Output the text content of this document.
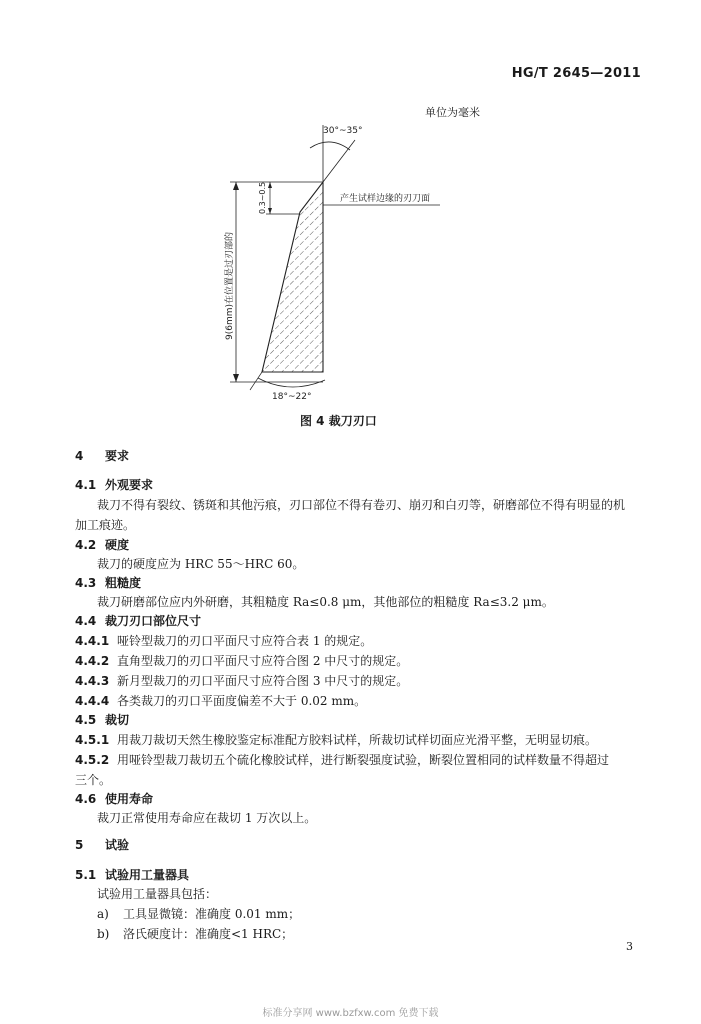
HG/T 2645—2011
单位为毫米
30°~35°
18°~22°
0.3~0.5
9(6mm)在位置是过刃部的
产生试样边缘的刃刀面
图 4 裁刀刃口
4 要求
4.1 外观要求
裁刀不得有裂纹、锈斑和其他污痕，刃口部位不得有卷刃、崩刃和白刃等，研磨部位不得有明显的机
加工痕迹。
4.2 硬度
裁刀的硬度应为 HRC 55～HRC 60。
4.3 粗糙度
裁刀研磨部位应内外研磨，其粗糙度 Ra≤0.8 μm，其他部位的粗糙度 Ra≤3.2 μm。
4.4 裁刀刃口部位尺寸
4.4.1 哑铃型裁刀的刃口平面尺寸应符合表 1 的规定。
4.4.2 直角型裁刀的刃口平面尺寸应符合图 2 中尺寸的规定。
4.4.3 新月型裁刀的刃口平面尺寸应符合图 3 中尺寸的规定。
4.4.4 各类裁刀的刃口平面度偏差不大于 0.02 mm。
4.5 裁切
4.5.1 用裁刀裁切天然生橡胶鉴定标准配方胶料试样，所裁切试样切面应光滑平整，无明显切痕。
4.5.2 用哑铃型裁刀裁切五个硫化橡胶试样，进行断裂强度试验，断裂位置相同的试样数量不得超过
三个。
4.6 使用寿命
裁刀正常使用寿命应在裁切 1 万次以上。
5 试验
5.1 试验用工量器具
试验用工量器具包括：
a) 工具显微镜：准确度 0.01 mm；
b) 洛氏硬度计：准确度<1 HRC；
3
标准分享网 www.bzfxw.com 免费下载
